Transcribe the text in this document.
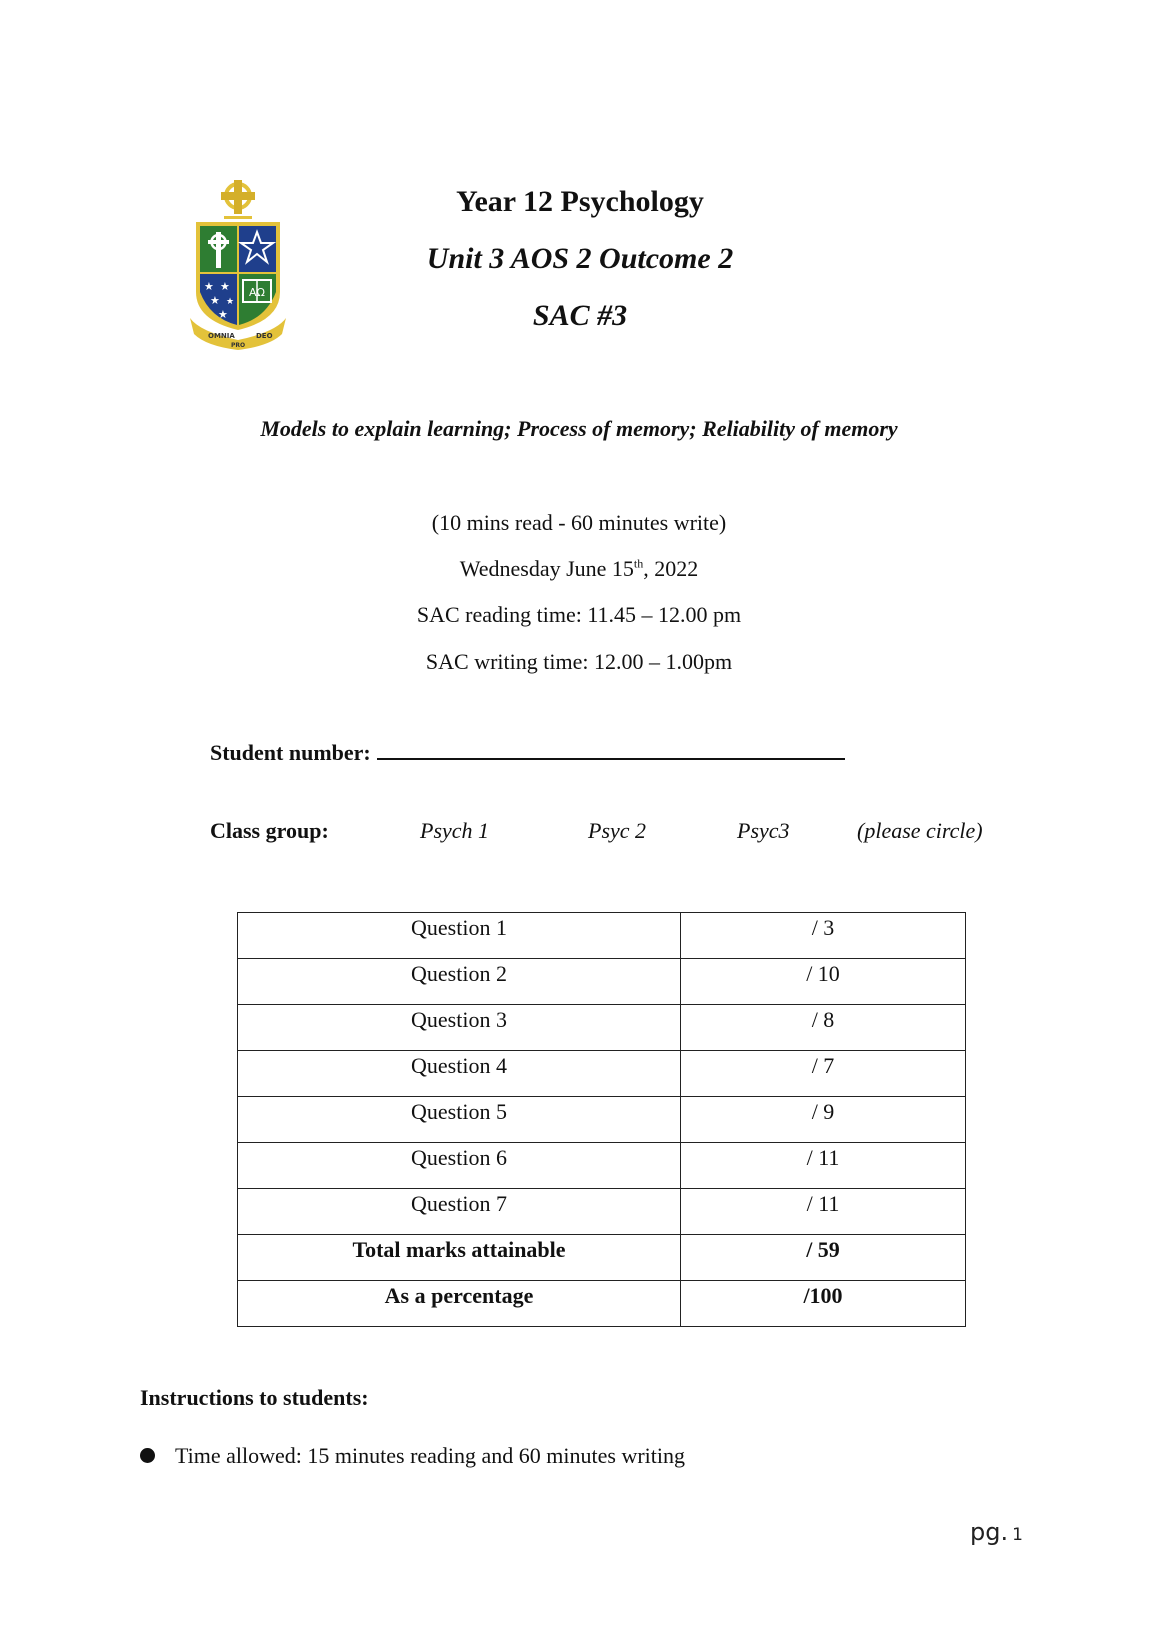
★ ★
★ ★
★
AΩ
OMNIA
PRO
DEO
Year 12 Psychology
Unit 3 AOS 2 Outcome 2
SAC #3
Models to explain learning; Process of memory; Reliability of memory
(10 mins read - 60 minutes write)
Wednesday June 15th, 2022
SAC reading time: 11.45 – 12.00 pm
SAC writing time: 12.00 – 1.00pm
Student number:
Class group:	Psych 1	Psyc 2	Psyc3	(please circle)
Question 1	/ 3
Question 2	/ 10
Question 3	/ 8
Question 4	/ 7
Question 5	/ 9
Question 6	/ 11
Question 7	/ 11
Total marks attainable	/ 59
As a percentage	/100
Instructions to students:
Time allowed: 15 minutes reading and 60 minutes writing
pg. 1
